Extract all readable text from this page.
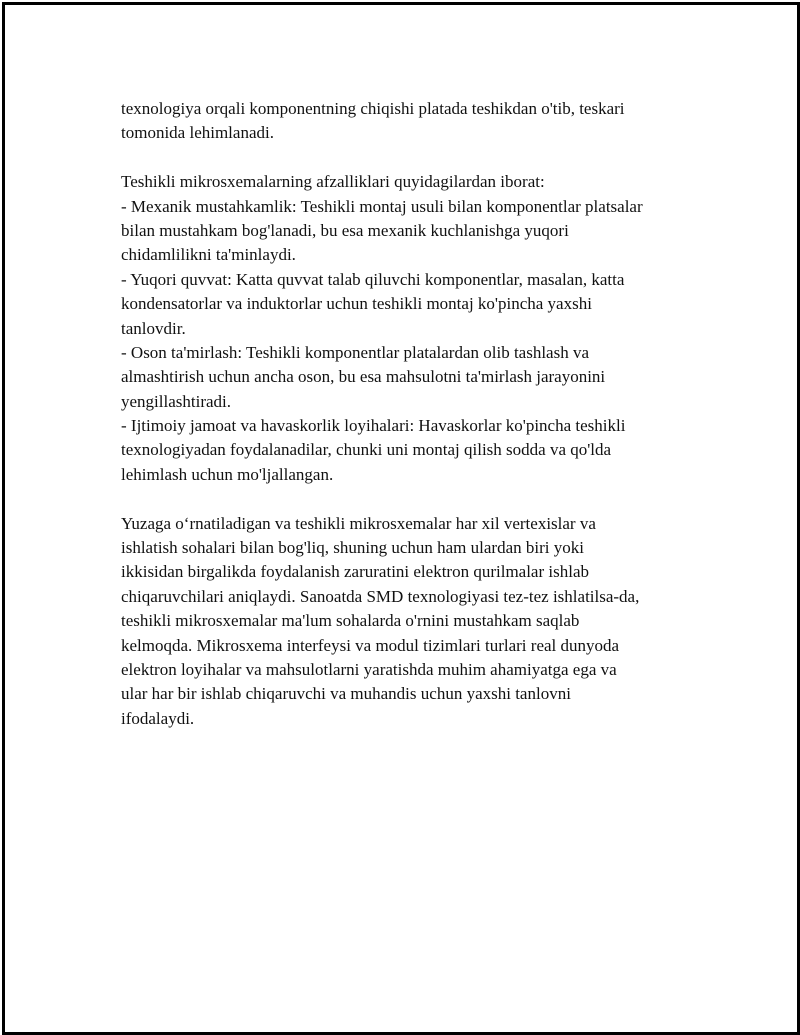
texnologiya orqali komponentning chiqishi platada teshikdan o'tib, teskari
tomonida lehimlanadi.
Teshikli mikrosxemalarning afzalliklari quyidagilardan iborat:
- Mexanik mustahkamlik: Teshikli montaj usuli bilan komponentlar platsalar
bilan mustahkam bog'lanadi, bu esa mexanik kuchlanishga yuqori
chidamlilikni ta'minlaydi.
- Yuqori quvvat: Katta quvvat talab qiluvchi komponentlar, masalan, katta
kondensatorlar va induktorlar uchun teshikli montaj ko'pincha yaxshi
tanlovdir.
- Oson ta'mirlash: Teshikli komponentlar platalardan olib tashlash va
almashtirish uchun ancha oson, bu esa mahsulotni ta'mirlash jarayonini
yengillashtiradi.
- Ijtimoiy jamoat va havaskorlik loyihalari: Havaskorlar ko'pincha teshikli
texnologiyadan foydalanadilar, chunki uni montaj qilish sodda va qo'lda
lehimlash uchun mo'ljallangan.
Yuzaga o‘rnatiladigan va teshikli mikrosxemalar har xil vertexislar va
ishlatish sohalari bilan bog'liq, shuning uchun ham ulardan biri yoki
ikkisidan birgalikda foydalanish zaruratini elektron qurilmalar ishlab
chiqaruvchilari aniqlaydi. Sanoatda SMD texnologiyasi tez-tez ishlatilsa-da,
teshikli mikrosxemalar ma'lum sohalarda o'rnini mustahkam saqlab
kelmoqda. Mikrosxema interfeysi va modul tizimlari turlari real dunyoda
elektron loyihalar va mahsulotlarni yaratishda muhim ahamiyatga ega va
ular har bir ishlab chiqaruvchi va muhandis uchun yaxshi tanlovni
ifodalaydi.
